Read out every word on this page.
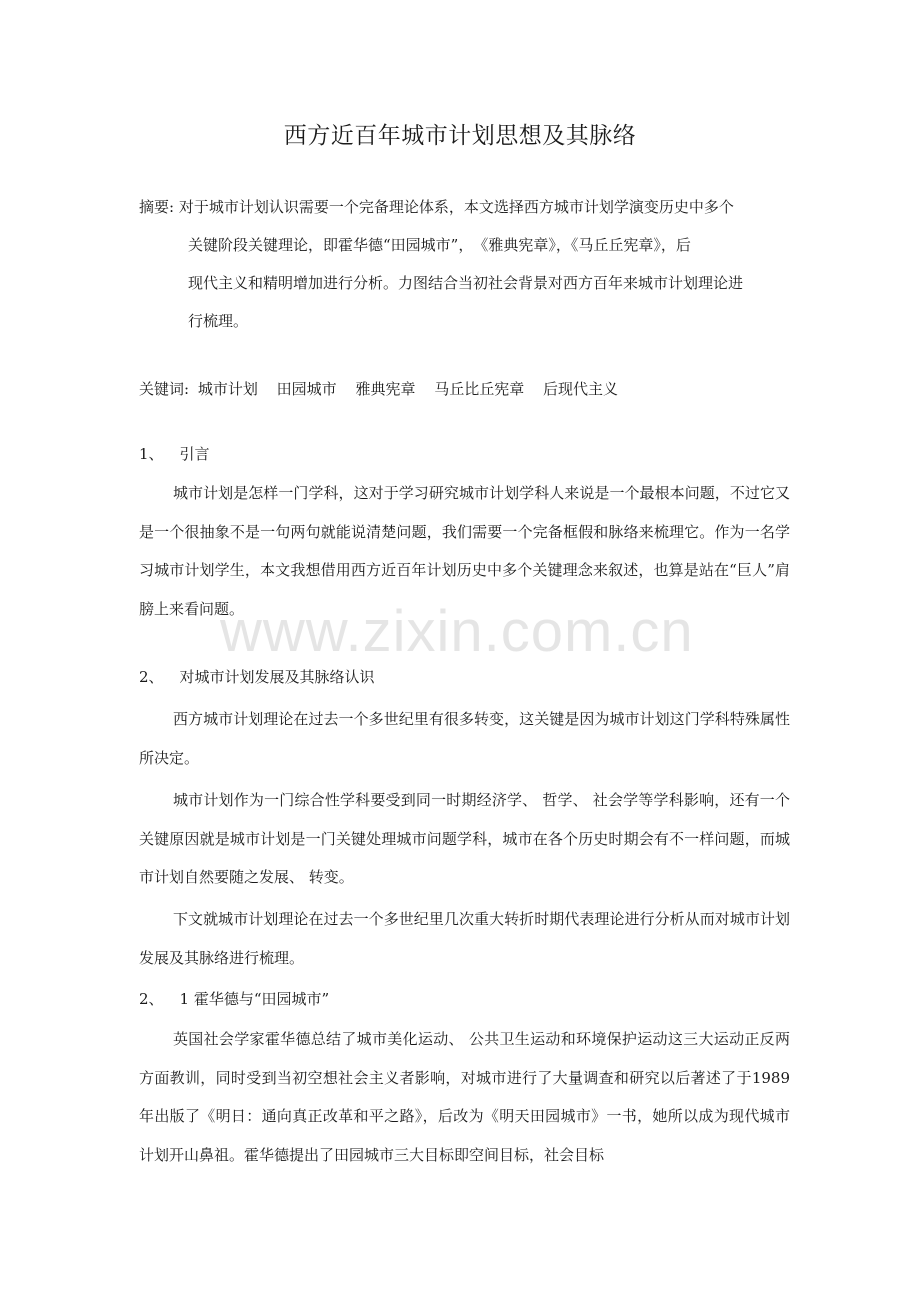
西方近百年城市计划思想及其脉络
摘要: 对于城市计划认识需要一个完备理论体系，本文选择西方城市计划学演变历史中多个
关键阶段关键理论，即霍华德“田园城市”，　《雅典宪章》，《马丘丘宪章》，后
现代主义和精明增加进行分析。力图结合当初社会背景对西方百年来城市计划理论进
行梳理。
关键词: 城市计划 田园城市 雅典宪章 马丘比丘宪章 后现代主义
1、 引言
城市计划是怎样一门学科，这对于学习研究城市计划学科人来说是一个最根本问题，不过它又是一个很抽象不是一句两句就能说清楚问题，我们需要一个完备框假和脉络来梳理它。作为一名学习城市计划学生，本文我想借用西方近百年计划历史中多个关键理念来叙述，也算是站在“巨人”肩膀上来看问题。
2、 对城市计划发展及其脉络认识
西方城市计划理论在过去一个多世纪里有很多转变，这关键是因为城市计划这门学科特殊属性所决定。
城市计划作为一门综合性学科要受到同一时期经济学、 哲学、 社会学等学科影响，还有一个关键原因就是城市计划是一门关键处理城市问题学科，城市在各个历史时期会有不一样问题，而城市计划自然要随之发展、 转变。
下文就城市计划理论在过去一个多世纪里几次重大转折时期代表理论进行分析从而对城市计划发展及其脉络进行梳理。
2、 1 霍华德与“田园城市”
英国社会学家霍华德总结了城市美化运动、 公共卫生运动和环境保护运动这三大运动正反两方面教训，同时受到当初空想社会主义者影响，对城市进行了大量调查和研究以后著述了于1989 年出版了《明日：通向真正改革和平之路》，后改为《明天田园城市》一书，她所以成为现代城市计划开山鼻祖。霍华德提出了田园城市三大目标即空间目标，社会目标
www.zixin.com.cn
